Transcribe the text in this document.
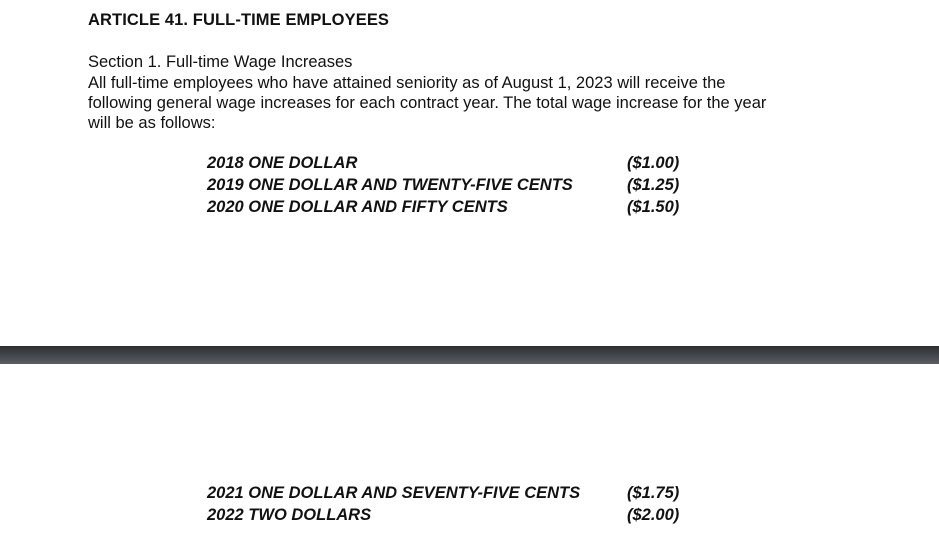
ARTICLE 41. FULL-TIME EMPLOYEES
Section 1. Full-time Wage Increases
All full-time employees who have attained seniority as of August 1, 2023 will receive the
following general wage increases for each contract year. The total wage increase for the year
will be as follows:
2018 ONE DOLLAR	($1.00)
2019 ONE DOLLAR AND TWENTY-FIVE CENTS	($1.25)
2020 ONE DOLLAR AND FIFTY CENTS	($1.50)
2021 ONE DOLLAR AND SEVENTY-FIVE CENTS	($1.75)
2022 TWO DOLLARS	($2.00)
